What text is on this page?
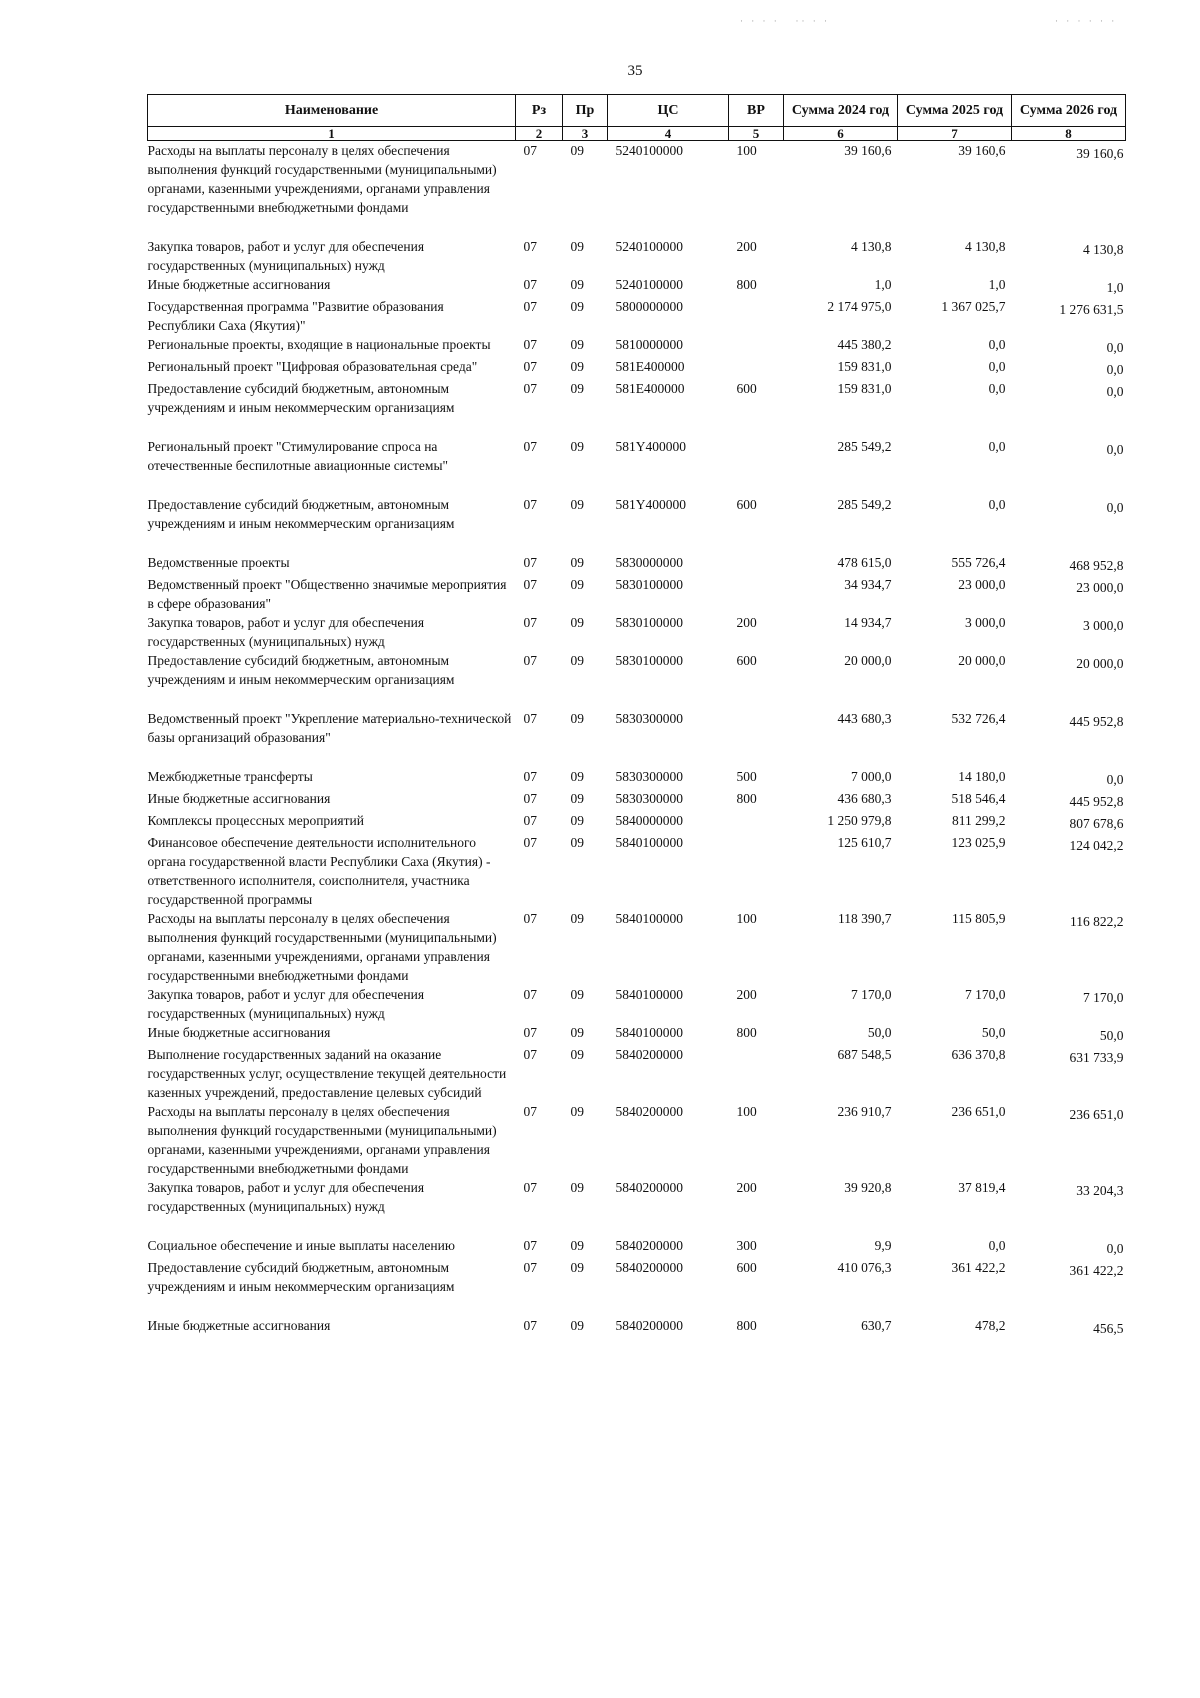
· · · ·   ·· · ·	· · · · · ·
35
Наименование	Рз	Пр	ЦС	ВР	Сумма 2024 год	Сумма 2025 год	Сумма 2026 год
1	2	3	4	5	6	7	8
Расходы на выплаты персоналу в целях обеспечения выполнения функций государственными (муниципальными) органами, казенными учреждениями, органами управления государственными внебюджетными фондами	07	09	5240100000	100	39 160,6	39 160,6	39 160,6
Закупка товаров, работ и услуг для обеспечения государственных (муниципальных) нужд	07	09	5240100000	200	4 130,8	4 130,8	4 130,8
Иные бюджетные ассигнования	07	09	5240100000	800	1,0	1,0	1,0
Государственная программа "Развитие образования Республики Саха (Якутия)"	07	09	5800000000		2 174 975,0	1 367 025,7	1 276 631,5
Региональные проекты, входящие в национальные проекты	07	09	5810000000		445 380,2	0,0	0,0
Региональный проект "Цифровая образовательная среда"	07	09	581E400000		159 831,0	0,0	0,0
Предоставление субсидий бюджетным, автономным учреждениям и иным некоммерческим организациям	07	09	581E400000	600	159 831,0	0,0	0,0
Региональный проект "Стимулирование спроса на отечественные беспилотные авиационные системы"	07	09	581Y400000		285 549,2	0,0	0,0
Предоставление субсидий бюджетным, автономным учреждениям и иным некоммерческим организациям	07	09	581Y400000	600	285 549,2	0,0	0,0
Ведомственные проекты	07	09	5830000000		478 615,0	555 726,4	468 952,8
Ведомственный проект "Общественно значимые мероприятия в сфере образования"	07	09	5830100000		34 934,7	23 000,0	23 000,0
Закупка товаров, работ и услуг для обеспечения государственных (муниципальных) нужд	07	09	5830100000	200	14 934,7	3 000,0	3 000,0
Предоставление субсидий бюджетным, автономным учреждениям и иным некоммерческим организациям	07	09	5830100000	600	20 000,0	20 000,0	20 000,0
Ведомственный проект "Укрепление материально-технической базы организаций образования"	07	09	5830300000		443 680,3	532 726,4	445 952,8
Межбюджетные трансферты	07	09	5830300000	500	7 000,0	14 180,0	0,0
Иные бюджетные ассигнования	07	09	5830300000	800	436 680,3	518 546,4	445 952,8
Комплексы процессных мероприятий	07	09	5840000000		1 250 979,8	811 299,2	807 678,6
Финансовое обеспечение деятельности исполнительного органа государственной власти Республики Саха (Якутия) - ответственного исполнителя, соисполнителя, участника государственной программы	07	09	5840100000		125 610,7	123 025,9	124 042,2
Расходы на выплаты персоналу в целях обеспечения выполнения функций государственными (муниципальными) органами, казенными учреждениями, органами управления государственными внебюджетными фондами	07	09	5840100000	100	118 390,7	115 805,9	116 822,2
Закупка товаров, работ и услуг для обеспечения государственных (муниципальных) нужд	07	09	5840100000	200	7 170,0	7 170,0	7 170,0
Иные бюджетные ассигнования	07	09	5840100000	800	50,0	50,0	50,0
Выполнение государственных заданий на оказание государственных услуг, осуществление текущей деятельности казенных учреждений, предоставление целевых субсидий	07	09	5840200000		687 548,5	636 370,8	631 733,9
Расходы на выплаты персоналу в целях обеспечения выполнения функций государственными (муниципальными) органами, казенными учреждениями, органами управления государственными внебюджетными фондами	07	09	5840200000	100	236 910,7	236 651,0	236 651,0
Закупка товаров, работ и услуг для обеспечения государственных (муниципальных) нужд	07	09	5840200000	200	39 920,8	37 819,4	33 204,3
Социальное обеспечение и иные выплаты населению	07	09	5840200000	300	9,9	0,0	0,0
Предоставление субсидий бюджетным, автономным учреждениям и иным некоммерческим организациям	07	09	5840200000	600	410 076,3	361 422,2	361 422,2
Иные бюджетные ассигнования	07	09	5840200000	800	630,7	478,2	456,5
